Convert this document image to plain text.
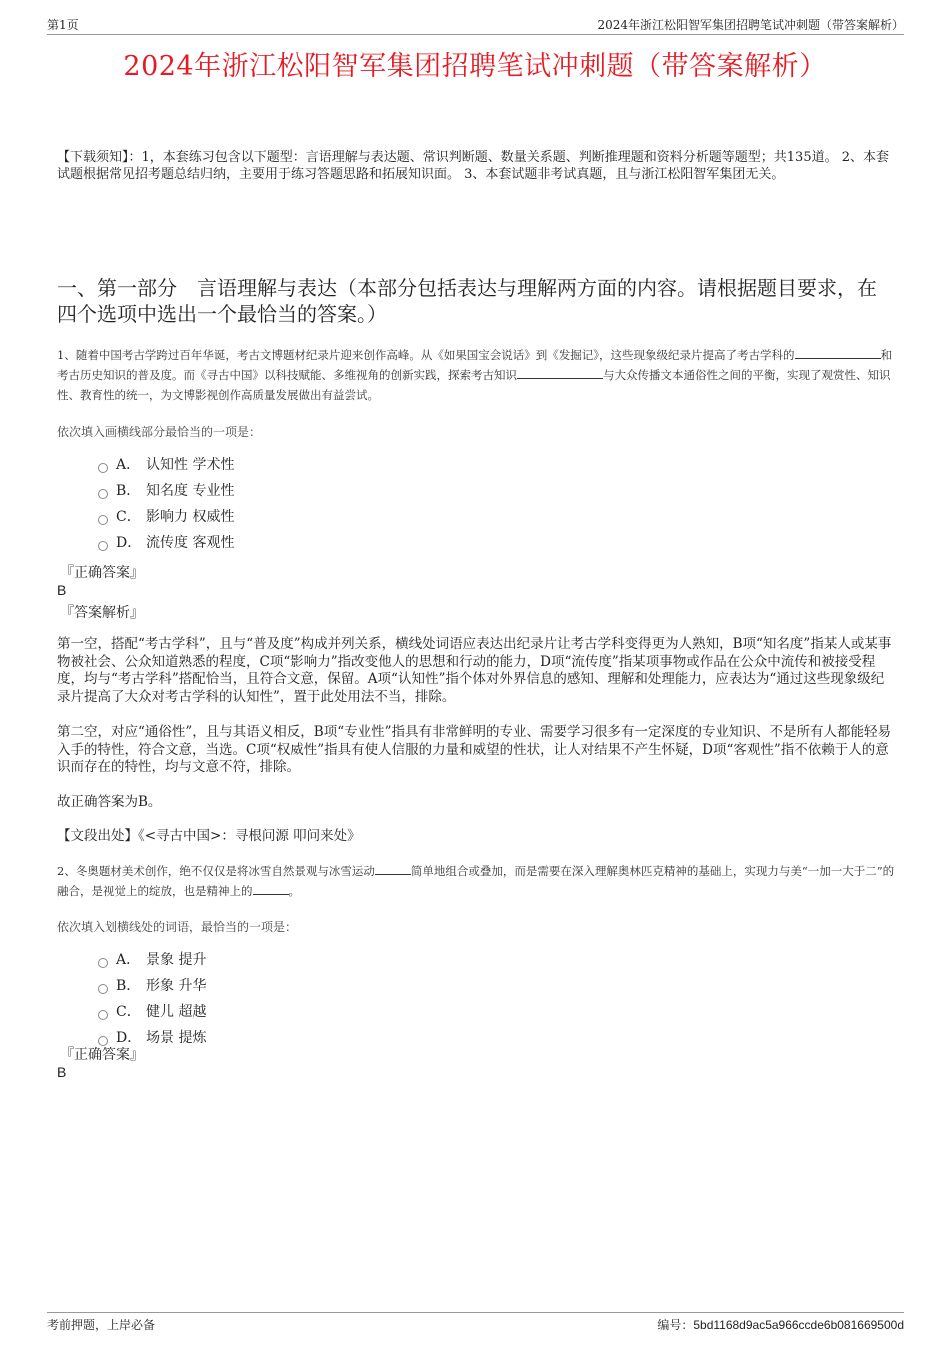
第1页	2024年浙江松阳智军集团招聘笔试冲刺题（带答案解析）
2024年浙江松阳智军集团招聘笔试冲刺题（带答案解析）
【下载须知】：1，本套练习包含以下题型：言语理解与表达题、常识判断题、数量关系题、判断推理题和资料分析题等题型；共135道。 2、本套试题根据常见招考题总结归纳，主要用于练习答题思路和拓展知识面。 3、本套试题非考试真题，且与浙江松阳智军集团无关。
一、第一部分　言语理解与表达（本部分包括表达与理解两方面的内容。请根据题目要求，在四个选项中选出一个最恰当的答案。）
1、随着中国考古学跨过百年华诞，考古文博题材纪录片迎来创作高峰。从《如果国宝会说话》到《发掘记》，这些现象级纪录片提高了考古学科的	和考古历史知识的普及度。而《寻古中国》以科技赋能、多维视角的创新实践，探索考古知识	与大众传播文本通俗性之间的平衡，实现了观赏性、知识性、教育性的统一，为文博影视创作高质量发展做出有益尝试。
依次填入画横线部分最恰当的一项是：
A． 认知性 学术性
B． 知名度 专业性
C． 影响力 权威性
D． 流传度 客观性
『正确答案』
B
『答案解析』
第一空，搭配“考古学科”，且与“普及度”构成并列关系，横线处词语应表达出纪录片让考古学科变得更为人熟知，B项“知名度”指某人或某事物被社会、公众知道熟悉的程度，C项“影响力”指改变他人的思想和行动的能力，D项“流传度”指某项事物或作品在公众中流传和被接受程度，均与“考古学科”搭配恰当，且符合文意，保留。A项“认知性”指个体对外界信息的感知、理解和处理能力，应表达为“通过这些现象级纪录片提高了大众对考古学科的认知性”，置于此处用法不当，排除。
第二空，对应“通俗性”，且与其语义相反，B项“专业性”指具有非常鲜明的专业、需要学习很多有一定深度的专业知识、不是所有人都能轻易入手的特性，符合文意，当选。C项“权威性”指具有使人信服的力量和威望的性状，让人对结果不产生怀疑，D项“客观性”指不依赖于人的意识而存在的特性，均与文意不符，排除。
故正确答案为B。
【文段出处】《<寻古中国>：寻根问源 叩问来处》
2、冬奥题材美术创作，绝不仅仅是将冰雪自然景观与冰雪运动	简单地组合或叠加，而是需要在深入理解奥林匹克精神的基础上，实现力与美“一加一大于二”的融合，是视觉上的绽放，也是精神上的	。
依次填入划横线处的词语，最恰当的一项是：
A． 景象 提升
B． 形象 升华
C． 健儿 超越
D． 场景 提炼
『正确答案』
B
考前押题，上岸必备	编号：5bd1168d9ac5a966ccde6b081669500d
